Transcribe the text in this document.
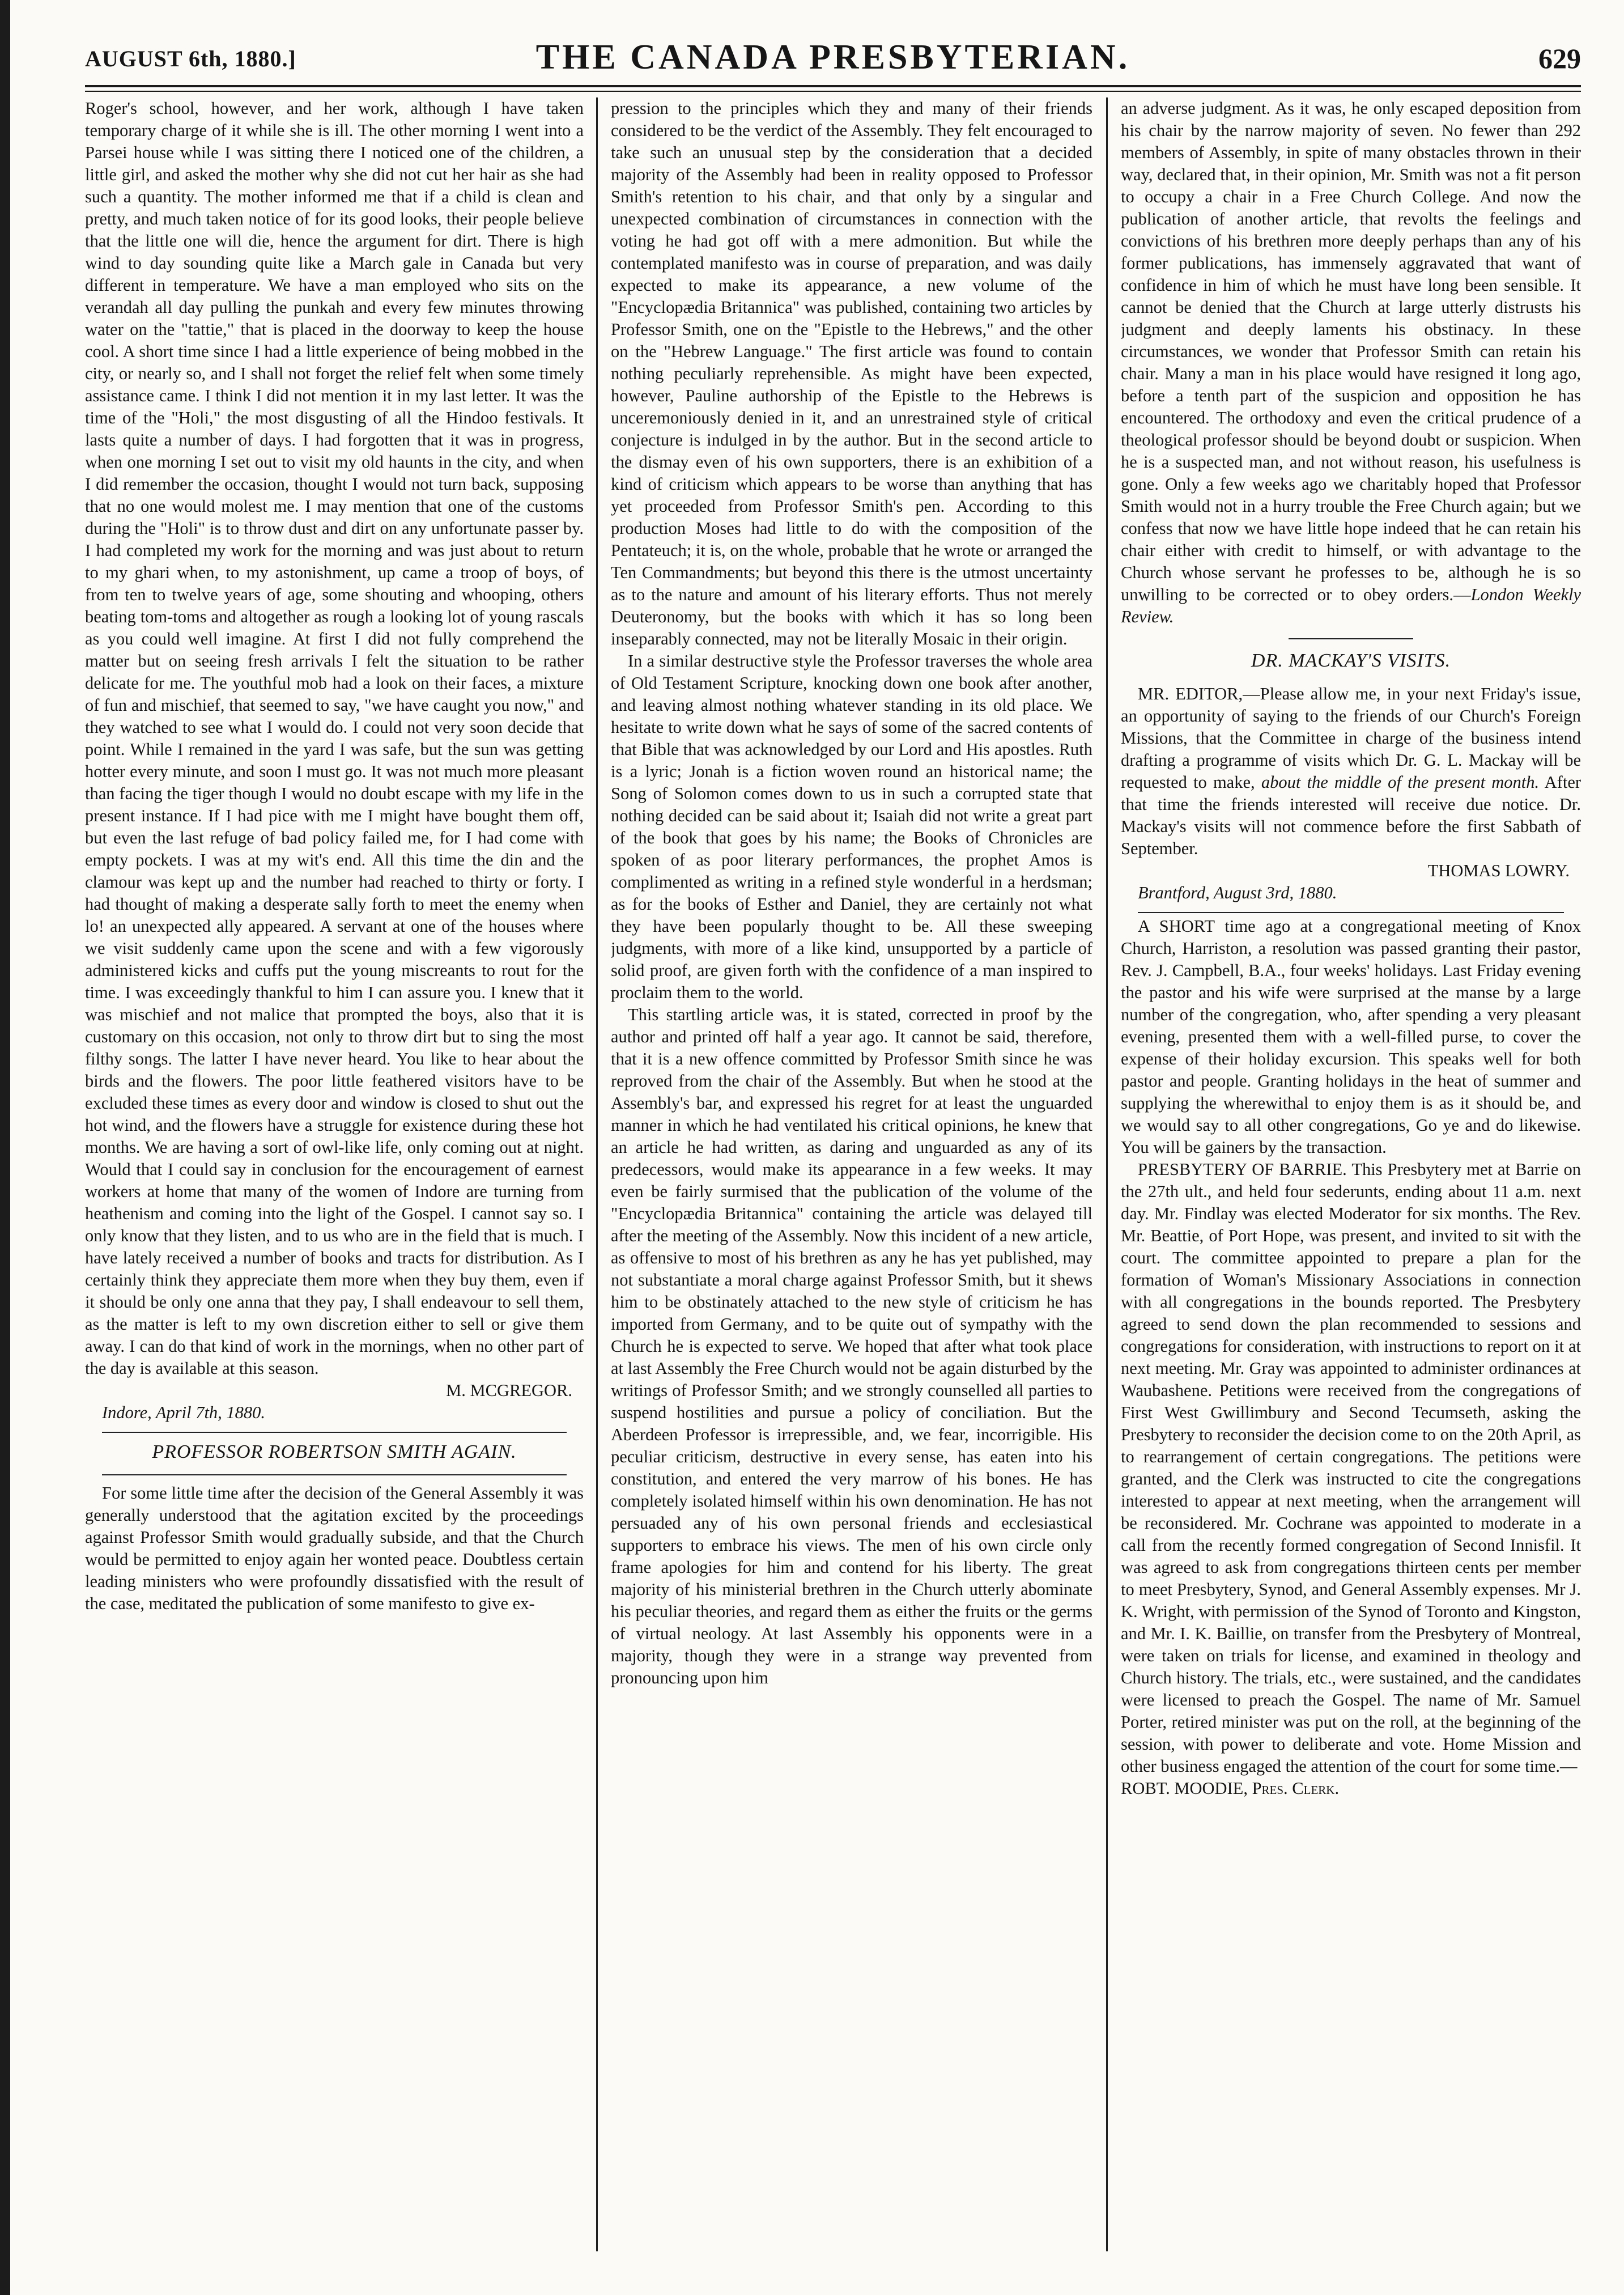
AUGUST 6th, 1880.]	THE CANADA PRESBYTERIAN.	629

Roger's school, however, and her work, although I have taken temporary charge of it while she is ill. The other morning I went into a Parsei house while I was sitting there I noticed one of the children, a little girl, and asked the mother why she did not cut her hair as she had such a quantity. The mother informed me that if a child is clean and pretty, and much taken notice of for its good looks, their people believe that the little one will die, hence the argument for dirt. There is high wind to day sounding quite like a March gale in Canada but very different in temperature. We have a man employed who sits on the verandah all day pulling the punkah and every few minutes throwing water on the "tattie," that is placed in the doorway to keep the house cool. A short time since I had a little experience of being mobbed in the city, or nearly so, and I shall not forget the relief felt when some timely assistance came. I think I did not mention it in my last letter. It was the time of the "Holi," the most disgusting of all the Hindoo festivals. It lasts quite a number of days. I had forgotten that it was in progress, when one morning I set out to visit my old haunts in the city, and when I did remember the occasion, thought I would not turn back, supposing that no one would molest me. I may mention that one of the customs during the "Holi" is to throw dust and dirt on any unfortunate passer by. I had completed my work for the morning and was just about to return to my ghari when, to my astonishment, up came a troop of boys, of from ten to twelve years of age, some shouting and whooping, others beating tom-toms and altogether as rough a looking lot of young rascals as you could well imagine. At first I did not fully comprehend the matter but on seeing fresh arrivals I felt the situation to be rather delicate for me. The youthful mob had a look on their faces, a mixture of fun and mischief, that seemed to say, "we have caught you now," and they watched to see what I would do. I could not very soon decide that point. While I remained in the yard I was safe, but the sun was getting hotter every minute, and soon I must go. It was not much more pleasant than facing the tiger though I would no doubt escape with my life in the present instance. If I had pice with me I might have bought them off, but even the last refuge of bad policy failed me, for I had come with empty pockets. I was at my wit's end. All this time the din and the clamour was kept up and the number had reached to thirty or forty. I had thought of making a desperate sally forth to meet the enemy when lo! an unexpected ally appeared. A servant at one of the houses where we visit suddenly came upon the scene and with a few vigorously administered kicks and cuffs put the young miscreants to rout for the time. I was exceedingly thankful to him I can assure you. I knew that it was mischief and not malice that prompted the boys, also that it is customary on this occasion, not only to throw dirt but to sing the most filthy songs. The latter I have never heard. You like to hear about the birds and the flowers. The poor little feathered visitors have to be excluded these times as every door and window is closed to shut out the hot wind, and the flowers have a struggle for existence during these hot months. We are having a sort of owl-like life, only coming out at night. Would that I could say in conclusion for the encouragement of earnest workers at home that many of the women of Indore are turning from heathenism and coming into the light of the Gospel. I cannot say so. I only know that they listen, and to us who are in the field that is much. I have lately received a number of books and tracts for distribution. As I certainly think they appreciate them more when they buy them, even if it should be only one anna that they pay, I shall endeavour to sell them, as the matter is left to my own discretion either to sell or give them away. I can do that kind of work in the mornings, when no other part of the day is available at this season.

M. MCGREGOR.

Indore, April 7th, 1880.

PROFESSOR ROBERTSON SMITH AGAIN.

For some little time after the decision of the General Assembly it was generally understood that the agitation excited by the proceedings against Professor Smith would gradually subside, and that the Church would be permitted to enjoy again her wonted peace. Doubtless certain leading ministers who were profoundly dissatisfied with the result of the case, meditated the publication of some manifesto to give ex-

pression to the principles which they and many of their friends considered to be the verdict of the Assembly. They felt encouraged to take such an unusual step by the consideration that a decided majority of the Assembly had been in reality opposed to Professor Smith's retention to his chair, and that only by a singular and unexpected combination of circumstances in connection with the voting he had got off with a mere admonition. But while the contemplated manifesto was in course of preparation, and was daily expected to make its appearance, a new volume of the "Encyclopædia Britannica" was published, containing two articles by Professor Smith, one on the "Epistle to the Hebrews," and the other on the "Hebrew Language." The first article was found to contain nothing peculiarly reprehensible. As might have been expected, however, Pauline authorship of the Epistle to the Hebrews is unceremoniously denied in it, and an unrestrained style of critical conjecture is indulged in by the author. But in the second article to the dismay even of his own supporters, there is an exhibition of a kind of criticism which appears to be worse than anything that has yet proceeded from Professor Smith's pen. According to this production Moses had little to do with the composition of the Pentateuch; it is, on the whole, probable that he wrote or arranged the Ten Commandments; but beyond this there is the utmost uncertainty as to the nature and amount of his literary efforts. Thus not merely Deuteronomy, but the books with which it has so long been inseparably connected, may not be literally Mosaic in their origin.

In a similar destructive style the Professor traverses the whole area of Old Testament Scripture, knocking down one book after another, and leaving almost nothing whatever standing in its old place. We hesitate to write down what he says of some of the sacred contents of that Bible that was acknowledged by our Lord and His apostles. Ruth is a lyric; Jonah is a fiction woven round an historical name; the Song of Solomon comes down to us in such a corrupted state that nothing decided can be said about it; Isaiah did not write a great part of the book that goes by his name; the Books of Chronicles are spoken of as poor literary performances, the prophet Amos is complimented as writing in a refined style wonderful in a herdsman; as for the books of Esther and Daniel, they are certainly not what they have been popularly thought to be. All these sweeping judgments, with more of a like kind, unsupported by a particle of solid proof, are given forth with the confidence of a man inspired to proclaim them to the world.

This startling article was, it is stated, corrected in proof by the author and printed off half a year ago. It cannot be said, therefore, that it is a new offence committed by Professor Smith since he was reproved from the chair of the Assembly. But when he stood at the Assembly's bar, and expressed his regret for at least the unguarded manner in which he had ventilated his critical opinions, he knew that an article he had written, as daring and unguarded as any of its predecessors, would make its appearance in a few weeks. It may even be fairly surmised that the publication of the volume of the "Encyclopædia Britannica" containing the article was delayed till after the meeting of the Assembly. Now this incident of a new article, as offensive to most of his brethren as any he has yet published, may not substantiate a moral charge against Professor Smith, but it shews him to be obstinately attached to the new style of criticism he has imported from Germany, and to be quite out of sympathy with the Church he is expected to serve. We hoped that after what took place at last Assembly the Free Church would not be again disturbed by the writings of Professor Smith; and we strongly counselled all parties to suspend hostilities and pursue a policy of conciliation. But the Aberdeen Professor is irrepressible, and, we fear, incorrigible. His peculiar criticism, destructive in every sense, has eaten into his constitution, and entered the very marrow of his bones. He has completely isolated himself within his own denomination. He has not persuaded any of his own personal friends and ecclesiastical supporters to embrace his views. The men of his own circle only frame apologies for him and contend for his liberty. The great majority of his ministerial brethren in the Church utterly abominate his peculiar theories, and regard them as either the fruits or the germs of virtual neology. At last Assembly his opponents were in a majority, though they were in a strange way prevented from pronouncing upon him

an adverse judgment. As it was, he only escaped deposition from his chair by the narrow majority of seven. No fewer than 292 members of Assembly, in spite of many obstacles thrown in their way, declared that, in their opinion, Mr. Smith was not a fit person to occupy a chair in a Free Church College. And now the publication of another article, that revolts the feelings and convictions of his brethren more deeply perhaps than any of his former publications, has immensely aggravated that want of confidence in him of which he must have long been sensible. It cannot be denied that the Church at large utterly distrusts his judgment and deeply laments his obstinacy. In these circumstances, we wonder that Professor Smith can retain his chair. Many a man in his place would have resigned it long ago, before a tenth part of the suspicion and opposition he has encountered. The orthodoxy and even the critical prudence of a theological professor should be beyond doubt or suspicion. When he is a suspected man, and not without reason, his usefulness is gone. Only a few weeks ago we charitably hoped that Professor Smith would not in a hurry trouble the Free Church again; but we confess that now we have little hope indeed that he can retain his chair either with credit to himself, or with advantage to the Church whose servant he professes to be, although he is so unwilling to be corrected or to obey orders.—London Weekly Review.

DR. MACKAY'S VISITS.

MR. EDITOR,—Please allow me, in your next Friday's issue, an opportunity of saying to the friends of our Church's Foreign Missions, that the Committee in charge of the business intend drafting a programme of visits which Dr. G. L. Mackay will be requested to make, about the middle of the present month. After that time the friends interested will receive due notice. Dr. Mackay's visits will not commence before the first Sabbath of September.

THOMAS LOWRY.

Brantford, August 3rd, 1880.

A SHORT time ago at a congregational meeting of Knox Church, Harriston, a resolution was passed granting their pastor, Rev. J. Campbell, B.A., four weeks' holidays. Last Friday evening the pastor and his wife were surprised at the manse by a large number of the congregation, who, after spending a very pleasant evening, presented them with a well-filled purse, to cover the expense of their holiday excursion. This speaks well for both pastor and people. Granting holidays in the heat of summer and supplying the wherewithal to enjoy them is as it should be, and we would say to all other congregations, Go ye and do likewise. You will be gainers by the transaction.

PRESBYTERY OF BARRIE. This Presbytery met at Barrie on the 27th ult., and held four sederunts, ending about 11 a.m. next day. Mr. Findlay was elected Moderator for six months. The Rev. Mr. Beattie, of Port Hope, was present, and invited to sit with the court. The committee appointed to prepare a plan for the formation of Woman's Missionary Associations in connection with all congregations in the bounds reported. The Presbytery agreed to send down the plan recommended to sessions and congregations for consideration, with instructions to report on it at next meeting. Mr. Gray was appointed to administer ordinances at Waubashene. Petitions were received from the congregations of First West Gwillimbury and Second Tecumseth, asking the Presbytery to reconsider the decision come to on the 20th April, as to rearrangement of certain congregations. The petitions were granted, and the Clerk was instructed to cite the congregations interested to appear at next meeting, when the arrangement will be reconsidered. Mr. Cochrane was appointed to moderate in a call from the recently formed congregation of Second Innisfil. It was agreed to ask from congregations thirteen cents per member to meet Presbytery, Synod, and General Assembly expenses. Mr J. K. Wright, with permission of the Synod of Toronto and Kingston, and Mr. I. K. Baillie, on transfer from the Presbytery of Montreal, were taken on trials for license, and examined in theology and Church history. The trials, etc., were sustained, and the candidates were licensed to preach the Gospel. The name of Mr. Samuel Porter, retired minister was put on the roll, at the beginning of the session, with power to deliberate and vote. Home Mission and other business engaged the attention of the court for some time.—

ROBT. MOODIE, Pres. Clerk.
